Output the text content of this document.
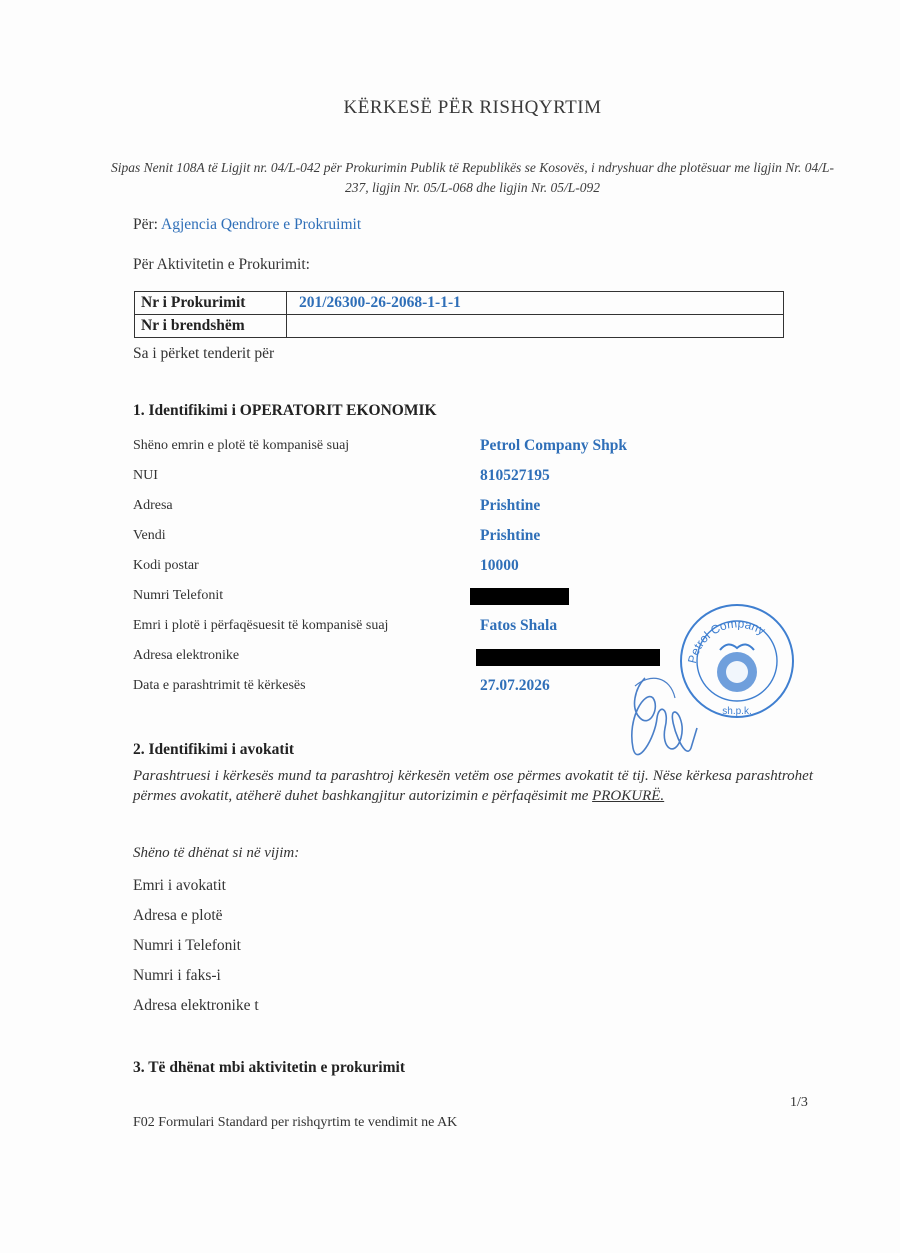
KËRKESË PËR RISHQYRTIM
Sipas Nenit 108A të Ligjit nr. 04/L-042 për Prokurimin Publik të Republikës se Kosovës, i ndryshuar dhe plotësuar me ligjin Nr. 04/L-237, ligjin Nr. 05/L-068 dhe ligjin Nr. 05/L-092
Për: Agjencia Qendrore e Prokruimit
Për Aktivitetin e Prokurimit:
Nr i Prokurimit	201/26300-26-2068-1-1-1
Nr i brendshëm	
Sa i përket tenderit për
1. Identifikimi i OPERATORIT EKONOMIK
Shëno emrin e plotë të kompanisë suaj	Petrol Company Shpk
NUI	810527195
Adresa	Prishtine
Vendi	Prishtine
Kodi postar	10000
Numri Telefonit
Emri i plotë i përfaqësuesit të kompanisë suaj	Fatos Shala
Adresa elektronike
Data e parashtrimit të kërkesës	27.07.2026
Petrol Company
sh.p.k.
2. Identifikimi i avokatit
Parashtruesi i kërkesës mund ta parashtroj kërkesën vetëm ose përmes avokatit të tij. Nëse kërkesa parashtrohet përmes avokatit, atëherë duhet bashkangjitur autorizimin e përfaqësimit me PROKURË.
Shëno të dhënat si në vijim:
Emri i avokatit
Adresa e plotë
Numri i Telefonit
Numri i faks-i
Adresa elektronike t
3. Të dhënat mbi aktivitetin e prokurimit
1/3
F02 Formulari Standard per rishqyrtim te vendimit ne AK
